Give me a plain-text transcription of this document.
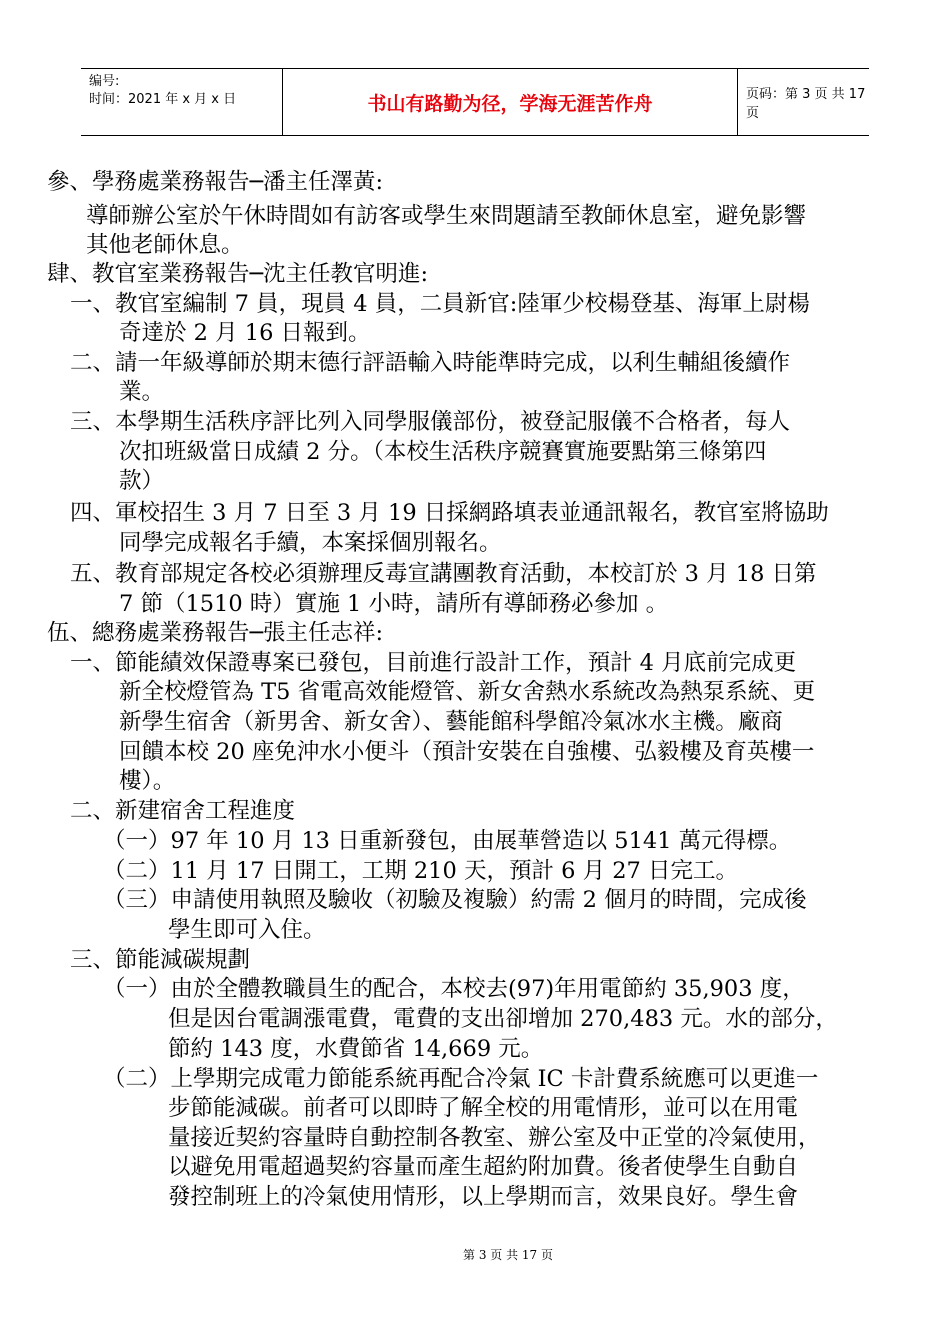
编号:
时间：2021 年 x 月 x 日	书山有路勤为径，学海无涯苦作舟	页码：第 3 页 共 17 页
參、學務處業務報告─潘主任澤黃:
導師辦公室於午休時間如有訪客或學生來問題請至教師休息室，避免影響
其他老師休息。
肆、教官室業務報告─沈主任教官明進:
一、教官室編制 7 員，現員 4 員，二員新官:陸軍少校楊登基、海軍上尉楊
奇達於 2 月 16 日報到。
二、請一年級導師於期末德行評語輸入時能準時完成，以利生輔組後續作
業。
三、本學期生活秩序評比列入同學服儀部份，被登記服儀不合格者，每人
次扣班級當日成績 2 分。（本校生活秩序競賽實施要點第三條第四
款）
四、軍校招生 3 月 7 日至 3 月 19 日採網路填表並通訊報名，教官室將協助
同學完成報名手續，本案採個別報名。
五、教育部規定各校必須辦理反毒宣講團教育活動，本校訂於 3 月 18 日第
7 節（1510 時）實施 1 小時，請所有導師務必參加 。
伍、總務處業務報告─張主任志祥:
一、節能績效保證專案已發包，目前進行設計工作，預計 4 月底前完成更
新全校燈管為 T5 省電高效能燈管、新女舍熱水系統改為熱泵系統、更
新學生宿舍（新男舍、新女舍）、藝能館科學館冷氣冰水主機。廠商
回饋本校 20 座免沖水小便斗（預計安裝在自強樓、弘毅樓及育英樓一
樓）。
二、新建宿舍工程進度
（一）97 年 10 月 13 日重新發包，由展華營造以 5141 萬元得標。
（二）11 月 17 日開工，工期 210 天，預計 6 月 27 日完工。
（三）申請使用執照及驗收（初驗及複驗）約需 2 個月的時間，完成後
學生即可入住。
三、節能減碳規劃
（一）由於全體教職員生的配合，本校去(97)年用電節約 35,903 度，
但是因台電調漲電費，電費的支出卻增加 270,483 元。水的部分，
節約 143 度，水費節省 14,669 元。
（二）上學期完成電力節能系統再配合冷氣 IC 卡計費系統應可以更進一
步節能減碳。前者可以即時了解全校的用電情形，並可以在用電
量接近契約容量時自動控制各教室、辦公室及中正堂的冷氣使用，
以避免用電超過契約容量而產生超約附加費。後者使學生自動自
發控制班上的冷氣使用情形，以上學期而言，效果良好。學生會
第 3 页 共 17 页
